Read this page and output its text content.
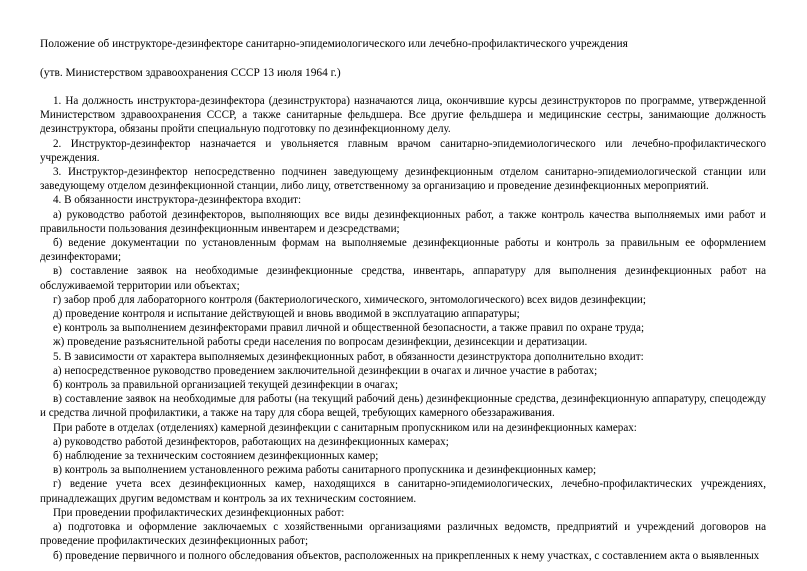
Положение об инструкторе-дезинфекторе санитарно-эпидемиологического или лечебно-профилактического учреждения
(утв. Министерством здравоохранения СССР 13 июля 1964 г.)

1. На должность инструктора-дезинфектора (дезинструктора) назначаются лица, окончившие курсы дезинструкторов по программе, утвержденной Министерством здравоохранения СССР, а также санитарные фельдшера. Все другие фельдшера и медицинские сестры, занимающие должность дезинструктора, обязаны пройти специальную подготовку по дезинфекционному делу.

2. Инструктор-дезинфектор назначается и увольняется главным врачом санитарно-эпидемиологического или лечебно-профилактического учреждения.

3. Инструктор-дезинфектор непосредственно подчинен заведующему дезинфекционным отделом санитарно-эпидемиологической станции или заведующему отделом дезинфекционной станции, либо лицу, ответственному за организацию и проведение дезинфекционных мероприятий.

4. В обязанности инструктора-дезинфектора входит:

а) руководство работой дезинфекторов, выполняющих все виды дезинфекционных работ, а также контроль качества выполняемых ими работ и правильности пользования дезинфекционным инвентарем и дезсредствами;

б) ведение документации по установленным формам на выполняемые дезинфекционные работы и контроль за правильным ее оформлением дезинфекторами;

в) составление заявок на необходимые дезинфекционные средства, инвентарь, аппаратуру для выполнения дезинфекционных работ на обслуживаемой территории или объектах;

г) забор проб для лабораторного контроля (бактериологического, химического, энтомологического) всех видов дезинфекции;

д) проведение контроля и испытание действующей и вновь вводимой в эксплуатацию аппаратуры;

е) контроль за выполнением дезинфекторами правил личной и общественной безопасности, а также правил по охране труда;

ж) проведение разъяснительной работы среди населения по вопросам дезинфекции, дезинсекции и дератизации.

5. В зависимости от характера выполняемых дезинфекционных работ, в обязанности дезинструктора дополнительно входит:

а) непосредственное руководство проведением заключительной дезинфекции в очагах и личное участие в работах;

б) контроль за правильной организацией текущей дезинфекции в очагах;

в) составление заявок на необходимые для работы (на текущий рабочий день) дезинфекционные средства, дезинфекционную аппаратуру, спецодежду и средства личной профилактики, а также на тару для сбора вещей, требующих камерного обеззараживания.

При работе в отделах (отделениях) камерной дезинфекции с санитарным пропускником или на дезинфекционных камерах:

а) руководство работой дезинфекторов, работающих на дезинфекционных камерах;

б) наблюдение за техническим состоянием дезинфекционных камер;

в) контроль за выполнением установленного режима работы санитарного пропускника и дезинфекционных камер;

г) ведение учета всех дезинфекционных камер, находящихся в санитарно-эпидемиологических, лечебно-профилактических учреждениях, принадлежащих другим ведомствам и контроль за их техническим состоянием.

При проведении профилактических дезинфекционных работ:

а) подготовка и оформление заключаемых с хозяйственными организациями различных ведомств, предприятий и учреждений договоров на проведение профилактических дезинфекционных работ;

б) проведение первичного и полного обследования объектов, расположенных на прикрепленных к нему участках, с составлением акта о выявленных
